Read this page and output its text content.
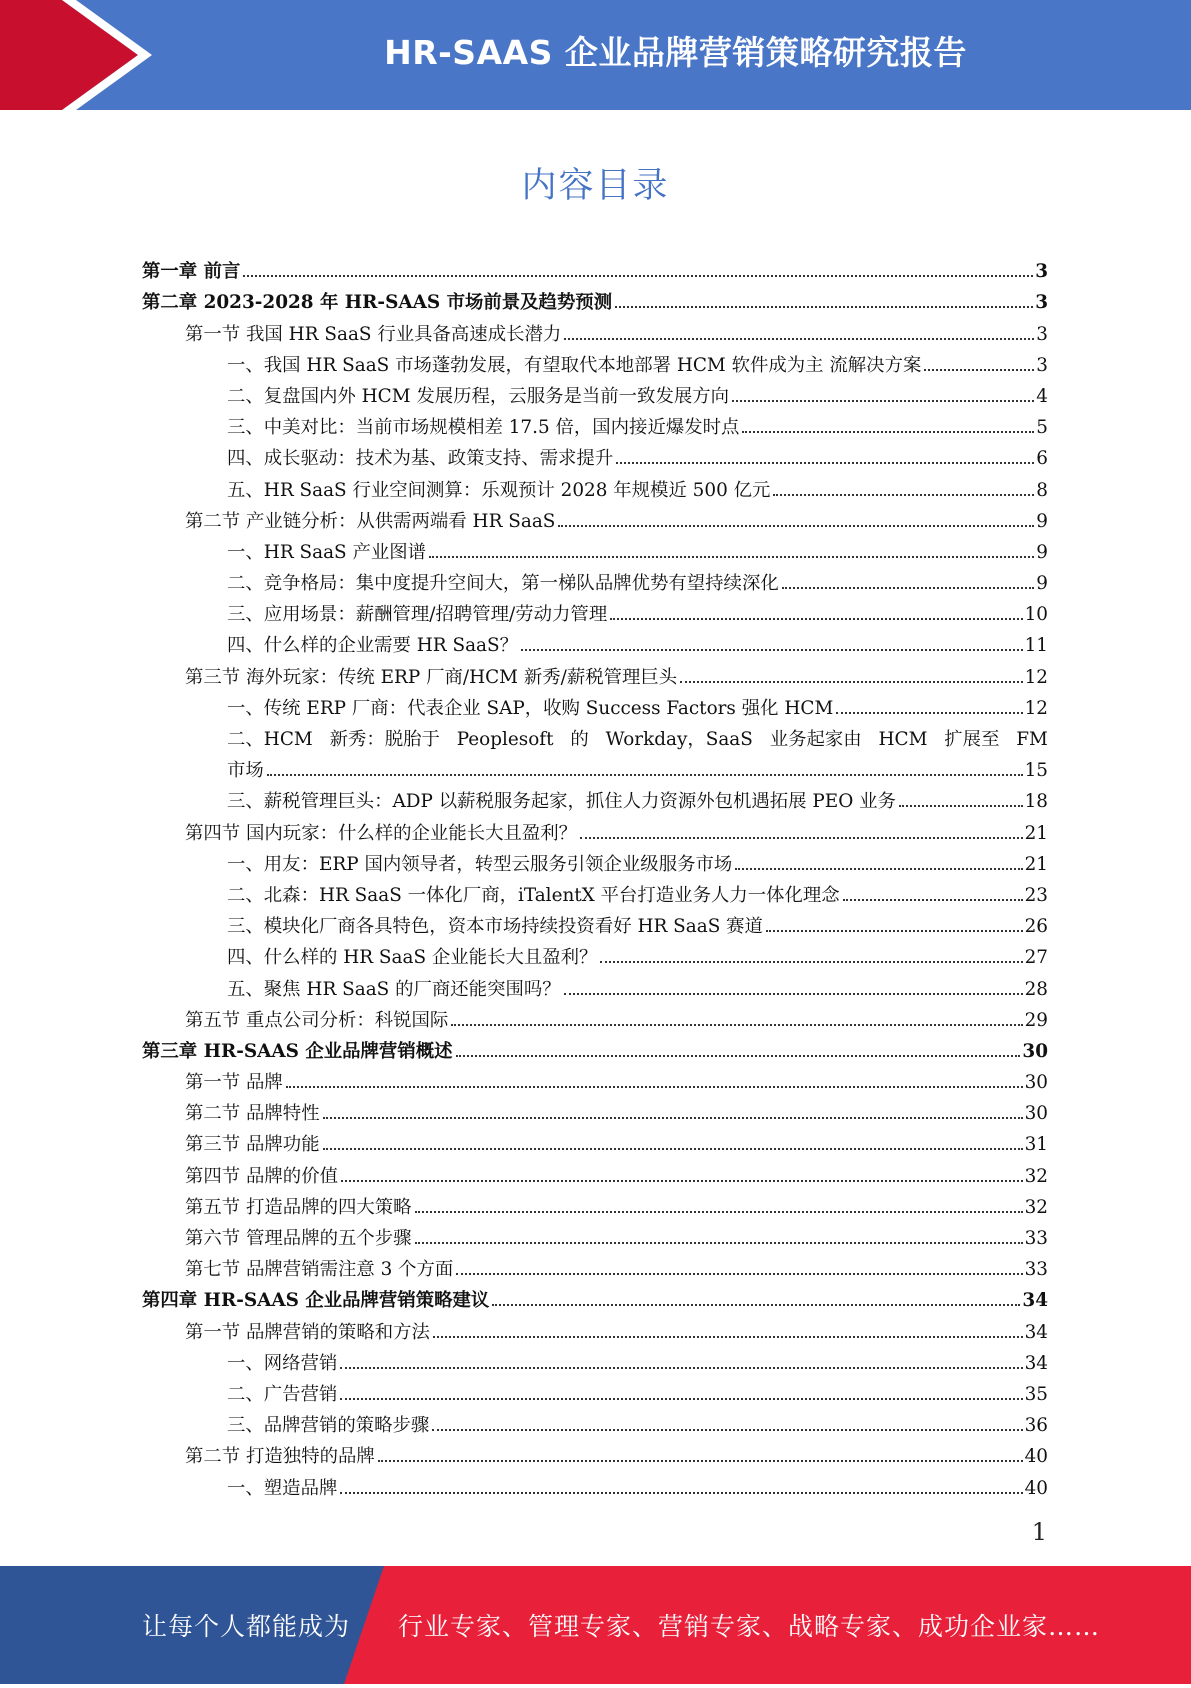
HR-SAAS 企业品牌营销策略研究报告
内容目录
第一章 前言	3
第二章 2023-2028 年 HR-SAAS 市场前景及趋势预测	3
第一节 我国 HR SaaS 行业具备高速成长潜力	3
一、我国 HR SaaS 市场蓬勃发展，有望取代本地部署 HCM 软件成为主 流解决方案	3
二、复盘国内外 HCM 发展历程，云服务是当前一致发展方向	4
三、中美对比：当前市场规模相差 17.5 倍，国内接近爆发时点	5
四、成长驱动：技术为基、政策支持、需求提升	6
五、HR SaaS 行业空间测算：乐观预计 2028 年规模近 500 亿元	8
第二节 产业链分析：从供需两端看 HR SaaS	9
一、HR SaaS 产业图谱	9
二、竞争格局：集中度提升空间大，第一梯队品牌优势有望持续深化	9
三、应用场景：薪酬管理/招聘管理/劳动力管理	10
四、什么样的企业需要 HR SaaS？	11
第三节 海外玩家：传统 ERP 厂商/HCM 新秀/薪税管理巨头	12
一、传统 ERP 厂商：代表企业 SAP，收购 Success Factors 强化 HCM	12
二、HCM 新秀：脱胎于 Peoplesoft 的 Workday，SaaS 业务起家由 HCM 扩展至 FM
市场	15
三、薪税管理巨头：ADP 以薪税服务起家，抓住人力资源外包机遇拓展 PEO 业务	18
第四节 国内玩家：什么样的企业能长大且盈利？	21
一、用友：ERP 国内领导者，转型云服务引领企业级服务市场	21
二、北森：HR SaaS 一体化厂商，iTalentX 平台打造业务人力一体化理念	23
三、模块化厂商各具特色，资本市场持续投资看好 HR SaaS 赛道	26
四、什么样的 HR SaaS 企业能长大且盈利？	27
五、聚焦 HR SaaS 的厂商还能突围吗？	28
第五节 重点公司分析：科锐国际	29
第三章 HR-SAAS 企业品牌营销概述	30
第一节 品牌	30
第二节 品牌特性	30
第三节 品牌功能	31
第四节 品牌的价值	32
第五节 打造品牌的四大策略	32
第六节 管理品牌的五个步骤	33
第七节 品牌营销需注意 3 个方面	33
第四章 HR-SAAS 企业品牌营销策略建议	34
第一节 品牌营销的策略和方法	34
一、网络营销	34
二、广告营销	35
三、品牌营销的策略步骤	36
第二节 打造独特的品牌	40
一、塑造品牌	40
1
让每个人都能成为 行业专家、管理专家、营销专家、战略专家、成功企业家……
